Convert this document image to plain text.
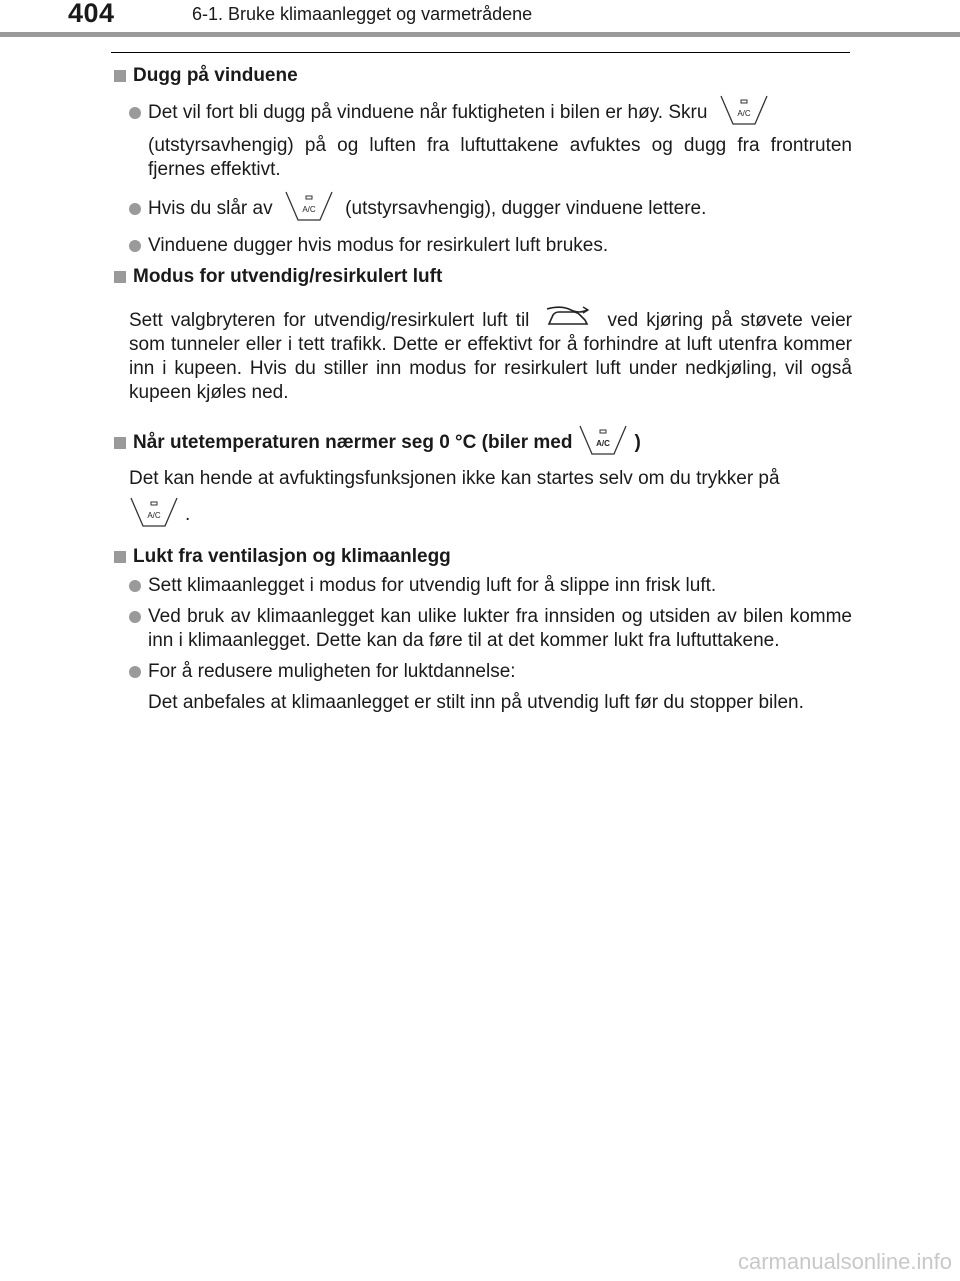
404	6-1. Bruke klimaanlegget og varmetrådene
Dugg på vinduene
Det vil fort bli dugg på vinduene når fuktigheten i bilen er høy. Skru	A/C
(utstyrsavhengig) på og luften fra luftuttakene avfuktes og dugg fra frontruten fjernes effektivt.
Hvis du slår av	A/C (utstyrsavhengig), dugger vinduene lettere.
Vinduene dugger hvis modus for resirkulert luft brukes.
Modus for utvendig/resirkulert luft
Sett valgbryteren for utvendig/resirkulert luft til	ved kjøring på støvete veier som tunneler eller i tett trafikk. Dette er effektivt for å forhindre at luft utenfra kommer inn i kupeen. Hvis du stiller inn modus for resirkulert luft under nedkjøling, vil også kupeen kjøles ned.
Når utetemperaturen nærmer seg 0 °C (biler med	A/C )
Det kan hende at avfuktingsfunksjonen ikke kan startes selv om du trykker på
A/C .
Lukt fra ventilasjon og klimaanlegg
Sett klimaanlegget i modus for utvendig luft for å slippe inn frisk luft.
Ved bruk av klimaanlegget kan ulike lukter fra innsiden og utsiden av bilen komme inn i klimaanlegget. Dette kan da føre til at det kommer lukt fra luftuttakene.
For å redusere muligheten for luktdannelse:
Det anbefales at klimaanlegget er stilt inn på utvendig luft før du stopper bilen.
carmanualsonline.info
